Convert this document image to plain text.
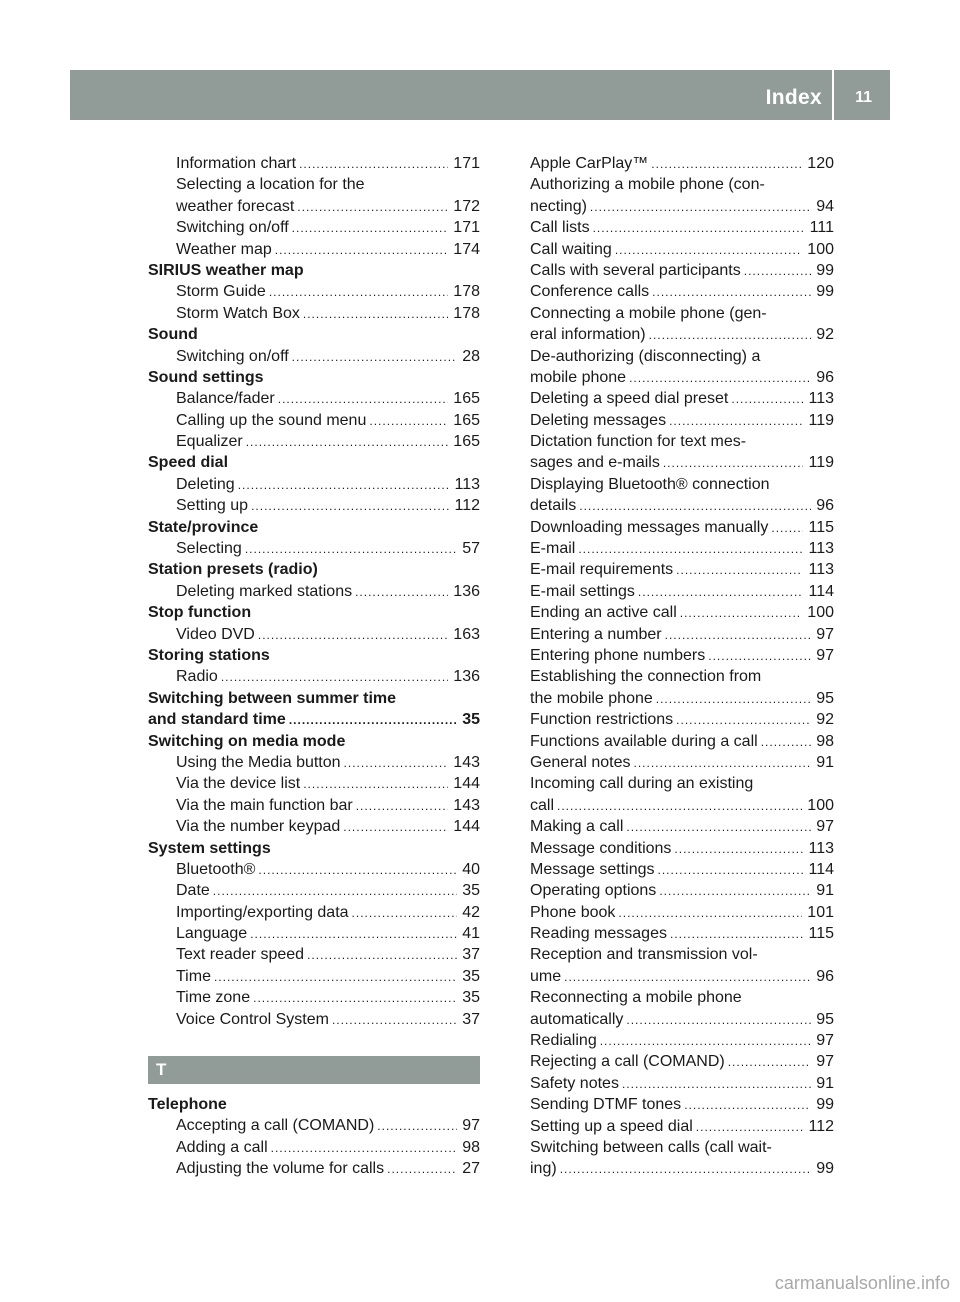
Index 11
Information chart .....	171
Selecting a location for the
weather forecast .....	172
Switching on/off .....	171
Weather map .....	174
SIRIUS weather map
Storm Guide .....	178
Storm Watch Box .....	178
Sound
Switching on/off .....	28
Sound settings
Balance/fader .....	165
Calling up the sound menu .....	165
Equalizer .....	165
Speed dial
Deleting .....	113
Setting up .....	112
State/province
Selecting .....	57
Station presets (radio)
Deleting marked stations .....	136
Stop function
Video DVD .....	163
Storing stations
Radio .....	136
Switching between summer time
and standard time .....	35
Switching on media mode
Using the Media button .....	143
Via the device list .....	144
Via the main function bar .....	143
Via the number keypad .....	144
System settings
Bluetooth® .....	40
Date .....	35
Importing/exporting data .....	42
Language .....	41
Text reader speed .....	37
Time .....	35
Time zone .....	35
Voice Control System .....	37
T
Telephone
Accepting a call (COMAND) .....	97
Adding a call .....	98
Adjusting the volume for calls .....	27
Apple CarPlay™ .....	120
Authorizing a mobile phone (con-
necting) .....	94
Call lists .....	111
Call waiting .....	100
Calls with several participants .....	99
Conference calls .....	99
Connecting a mobile phone (gen-
eral information) .....	92
De-authorizing (disconnecting) a
mobile phone .....	96
Deleting a speed dial preset .....	113
Deleting messages .....	119
Dictation function for text mes-
sages and e-mails .....	119
Displaying Bluetooth® connection
details .....	96
Downloading messages manually .....	115
E-mail .....	113
E-mail requirements .....	113
E-mail settings .....	114
Ending an active call .....	100
Entering a number .....	97
Entering phone numbers .....	97
Establishing the connection from
the mobile phone .....	95
Function restrictions .....	92
Functions available during a call .....	98
General notes .....	91
Incoming call during an existing
call .....	100
Making a call .....	97
Message conditions .....	113
Message settings .....	114
Operating options .....	91
Phone book .....	101
Reading messages .....	115
Reception and transmission vol-
ume .....	96
Reconnecting a mobile phone
automatically .....	95
Redialing .....	97
Rejecting a call (COMAND) .....	97
Safety notes .....	91
Sending DTMF tones .....	99
Setting up a speed dial .....	112
Switching between calls (call wait-
ing) .....	99
carmanualsonline.info
